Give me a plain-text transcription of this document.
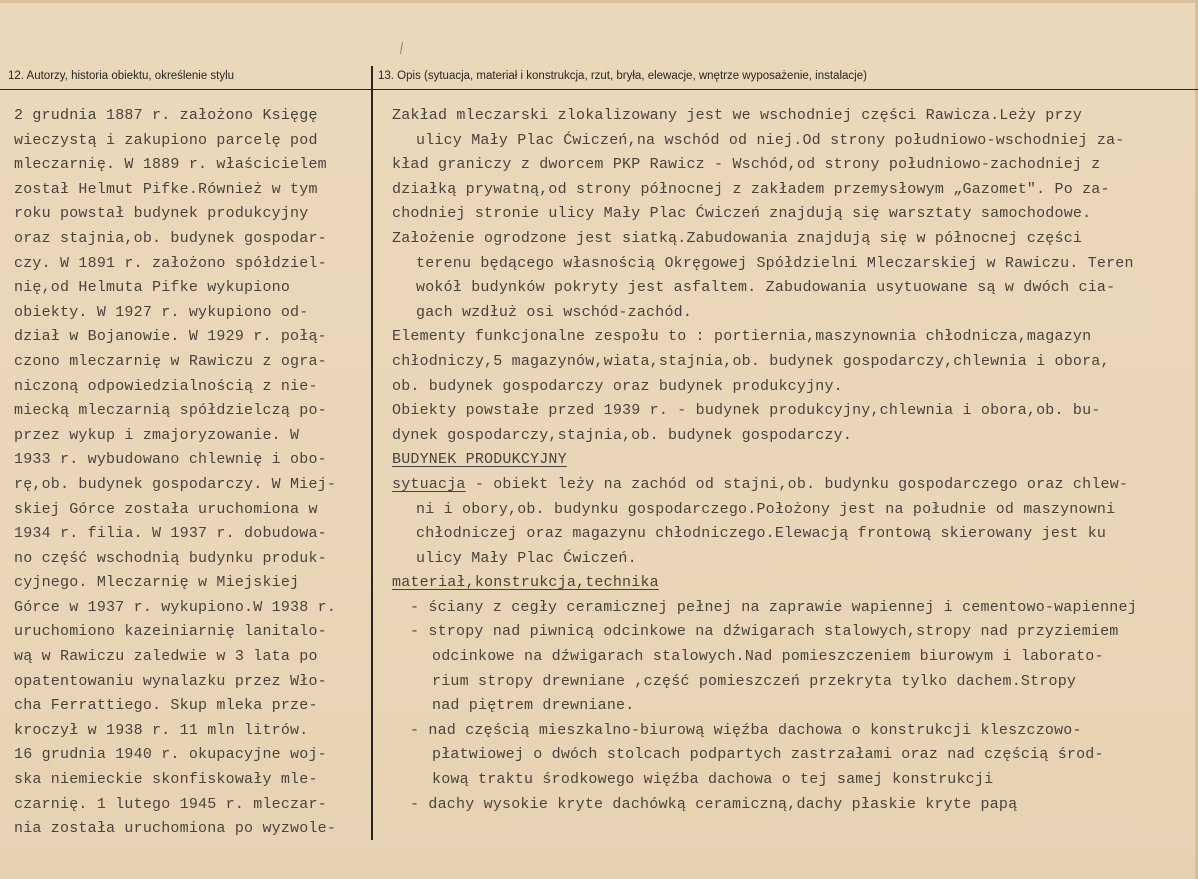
12. Autorzy, historia obiektu, określenie stylu	13. Opis (sytuacja, materiał i konstrukcja, rzut, bryła, elewacje, wnętrze wyposażenie, instalacje)
2 grudnia 1887 r. założono Księgę
wieczystą i zakupiono parcelę pod
mleczarnię. W 1889 r. właścicielem
został Helmut Pifke.Również w tym
roku powstał budynek produkcyjny
oraz stajnia,ob. budynek gospodar-
czy. W 1891 r. założono spółdziel-
nię,od Helmuta Pifke wykupiono
obiekty. W 1927 r. wykupiono od-
dział w Bojanowie. W 1929 r. połą-
czono mleczarnię w Rawiczu z ogra-
niczoną odpowiedzialnością z nie-
miecką mleczarnią spółdzielczą po-
przez wykup i zmajoryzowanie. W
1933 r. wybudowano chlewnię i obo-
rę,ob. budynek gospodarczy. W Miej-
skiej Górce została uruchomiona w
1934 r. filia. W 1937 r. dobudowa-
no część wschodnią budynku produk-
cyjnego. Mleczarnię w Miejskiej
Górce w 1937 r. wykupiono.W 1938 r.
uruchomiono kazeiniarnię lanitalo-
wą w Rawiczu zaledwie w 3 lata po
opatentowaniu wynalazku przez Wło-
cha Ferrattiego. Skup mleka prze-
kroczył w 1938 r. 11 mln litrów.
16 grudnia 1940 r. okupacyjne woj-
ska niemieckie skonfiskowały mle-
czarnię. 1 lutego 1945 r. mleczar-
nia została uruchomiona po wyzwole-
Zakład mleczarski zlokalizowany jest we wschodniej części Rawicza.Leży przy
ulicy Mały Plac Ćwiczeń,na wschód od niej.Od strony południowo-wschodniej za-
kład graniczy z dworcem PKP Rawicz - Wschód,od strony południowo-zachodniej z
działką prywatną,od strony północnej z zakładem przemysłowym „Gazomet". Po za-
chodniej stronie ulicy Mały Plac Ćwiczeń znajdują się warsztaty samochodowe.
Założenie ogrodzone jest siatką.Zabudowania znajdują się w północnej części
terenu będącego własnością Okręgowej Spółdzielni Mleczarskiej w Rawiczu. Teren
wokół budynków pokryty jest asfaltem. Zabudowania usytuowane są w dwóch cia-
gach wzdłuż osi wschód-zachód.
Elementy funkcjonalne zespołu to : portiernia,maszynownia chłodnicza,magazyn
chłodniczy,5 magazynów,wiata,stajnia,ob. budynek gospodarczy,chlewnia i obora,
ob. budynek gospodarczy oraz budynek produkcyjny.
Obiekty powstałe przed 1939 r. - budynek produkcyjny,chlewnia i obora,ob. bu-
dynek gospodarczy,stajnia,ob. budynek gospodarczy.
BUDYNEK PRODUKCYJNY
sytuacja - obiekt leży na zachód od stajni,ob. budynku gospodarczego oraz chlew-
ni i obory,ob. budynku gospodarczego.Położony jest na południe od maszynowni
chłodniczej oraz magazynu chłodniczego.Elewacją frontową skierowany jest ku
ulicy Mały Plac Ćwiczeń.
materiał,konstrukcja,technika
- ściany z cegły ceramicznej pełnej na zaprawie wapiennej i cementowo-wapiennej
- stropy nad piwnicą odcinkowe na dźwigarach stalowych,stropy nad przyziemiem
odcinkowe na dźwigarach stalowych.Nad pomieszczeniem biurowym i laborato-
rium stropy drewniane ,część pomieszczeń przekryta tylko dachem.Stropy
nad piętrem drewniane.
- nad częścią mieszkalno-biurową więźba dachowa o konstrukcji kleszczowo-
płatwiowej o dwóch stolcach podpartych zastrzałami oraz nad częścią środ-
kową traktu środkowego więźba dachowa o tej samej konstrukcji
- dachy wysokie kryte dachówką ceramiczną,dachy płaskie kryte papą
